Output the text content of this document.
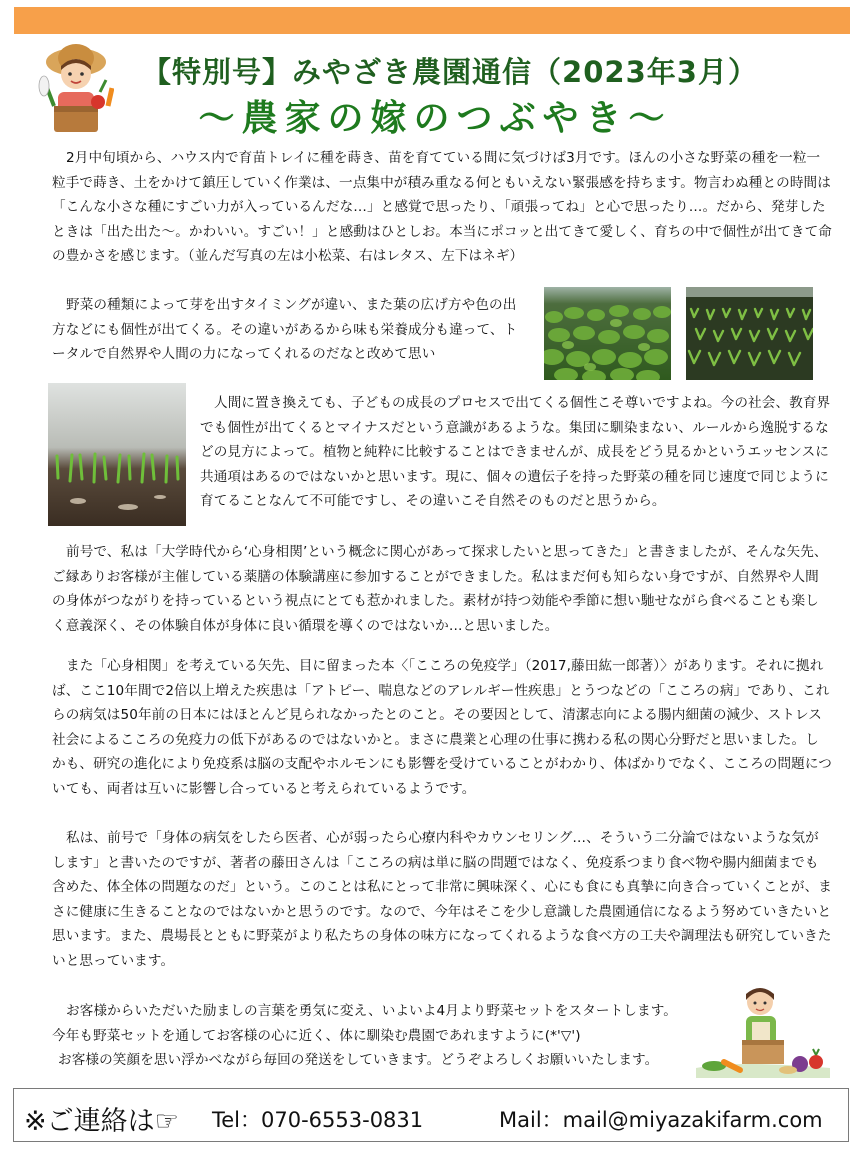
【特別号】みやざき農園通信（2023年3月）
～農家の嫁のつぶやき～

2月中旬頃から、ハウス内で育苗トレイに種を蒔き、苗を育てている間に気づけば3月です。ほんの小さな野菜の種を一粒一粒手で蒔き、土をかけて鎮圧していく作業は、一点集中が積み重なる何ともいえない緊張感を持ちます。物言わぬ種との時間は「こんな小さな種にすごい力が入っているんだな…」と感覚で思ったり、「頑張ってね」と心で思ったり…。だから、発芽したときは「出た出た～。かわいい。すごい！」と感動はひとしお。本当にポコッと出てきて愛しく、育ちの中で個性が出てきて命の豊かさを感じます。（並んだ写真の左は小松菜、右はレタス、左下はネギ）

野菜の種類によって芽を出すタイミングが違い、また葉の広げ方や色の出方などにも個性が出てくる。その違いがあるから味も栄養成分も違って、トータルで自然界や人間の力になってくれるのだなと改めて思い

人間に置き換えても、子どもの成長のプロセスで出てくる個性こそ尊いですよね。今の社会、教育界でも個性が出てくるとマイナスだという意識があるような。集団に馴染まない、ルールから逸脱するなどの見方によって。植物と純粋に比較することはできませんが、成長をどう見るかというエッセンスに共通項はあるのではないかと思います。現に、個々の遺伝子を持った野菜の種を同じ速度で同じように育てることなんて不可能ですし、その違いこそ自然そのものだと思うから。

前号で、私は「大学時代から‘心身相関’という概念に関心があって探求したいと思ってきた」と書きましたが、そんな矢先、ご縁ありお客様が主催している薬膳の体験講座に参加することができました。私はまだ何も知らない身ですが、自然界や人間の身体がつながりを持っているという視点にとても惹かれました。素材が持つ効能や季節に想い馳せながら食べることも楽しく意義深く、その体験自体が身体に良い循環を導くのではないか…と思いました。

また「心身相関」を考えている矢先、目に留まった本〈「こころの免疫学」（2017,藤田紘一郎著）〉があります。それに拠れば、ここ10年間で2倍以上増えた疾患は「アトピー、喘息などのアレルギー性疾患」とうつなどの「こころの病」であり、これらの病気は50年前の日本にはほとんど見られなかったとのこと。その要因として、清潔志向による腸内細菌の減少、ストレス社会によるこころの免疫力の低下があるのではないかと。まさに農業と心理の仕事に携わる私の関心分野だと思いました。しかも、研究の進化により免疫系は脳の支配やホルモンにも影響を受けていることがわかり、体ばかりでなく、こころの問題についても、両者は互いに影響し合っていると考えられているようです。

私は、前号で「身体の病気をしたら医者、心が弱ったら心療内科やカウンセリング…、そういう二分論ではないような気がします」と書いたのですが、著者の藤田さんは「こころの病は単に脳の問題ではなく、免疫系つまり食べ物や腸内細菌までも含めた、体全体の問題なのだ」という。このことは私にとって非常に興味深く、心にも食にも真摯に向き合っていくことが、まさに健康に生きることなのではないかと思うのです。なので、今年はそこを少し意識した農園通信になるよう努めていきたいと思います。また、農場長とともに野菜がより私たちの身体の味方になってくれるような食べ方の工夫や調理法も研究していきたいと思っています。

お客様からいただいた励ましの言葉を勇気に変え、いよいよ4月より野菜セットをスタートします。

今年も野菜セットを通してお客様の心に近く、体に馴染む農園であれますように(*'▽')

お客様の笑顔を思い浮かべながら毎回の発送をしていきます。どうぞよろしくお願いいたします。

※ご連絡は☞ Tel：070-6553-0831	Mail：mail@miyazakifarm.com
